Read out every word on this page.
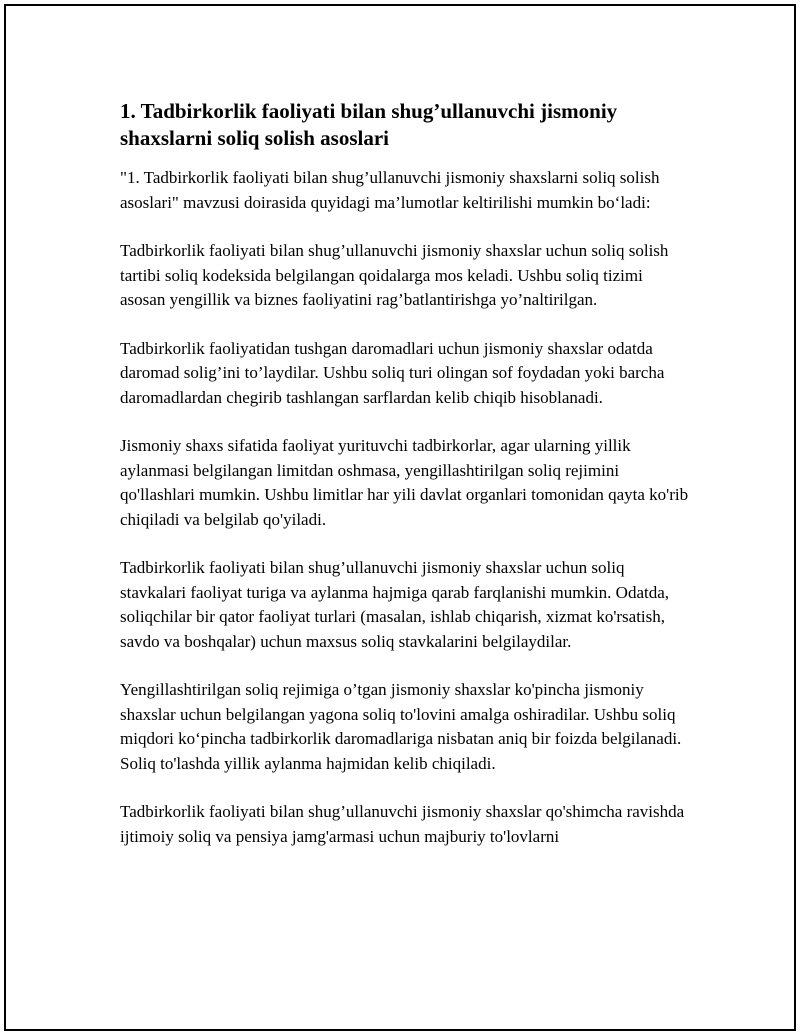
1. Tadbirkorlik faoliyati bilan shug’ullanuvchi jismoniy shaxslarni soliq solish asoslari

"1. Tadbirkorlik faoliyati bilan shug’ullanuvchi jismoniy shaxslarni soliq solish asoslari" mavzusi doirasida quyidagi ma’lumotlar keltirilishi mumkin bo‘ladi:

Tadbirkorlik faoliyati bilan shug’ullanuvchi jismoniy shaxslar uchun soliq solish tartibi soliq kodeksida belgilangan qoidalarga mos keladi. Ushbu soliq tizimi asosan yengillik va biznes faoliyatini rag’batlantirishga yo’naltirilgan.

Tadbirkorlik faoliyatidan tushgan daromadlari uchun jismoniy shaxslar odatda daromad solig’ini to’laydilar. Ushbu soliq turi olingan sof foydadan yoki barcha daromadlardan chegirib tashlangan sarflardan kelib chiqib hisoblanadi.

Jismoniy shaxs sifatida faoliyat yurituvchi tadbirkorlar, agar ularning yillik aylanmasi belgilangan limitdan oshmasa, yengillashtirilgan soliq rejimini qo'llashlari mumkin. Ushbu limitlar har yili davlat organlari tomonidan qayta ko'rib chiqiladi va belgilab qo'yiladi.

Tadbirkorlik faoliyati bilan shug’ullanuvchi jismoniy shaxslar uchun soliq stavkalari faoliyat turiga va aylanma hajmiga qarab farqlanishi mumkin. Odatda, soliqchilar bir qator faoliyat turlari (masalan, ishlab chiqarish, xizmat ko'rsatish, savdo va boshqalar) uchun maxsus soliq stavkalarini belgilaydilar.

Yengillashtirilgan soliq rejimiga o’tgan jismoniy shaxslar ko'pincha jismoniy shaxslar uchun belgilangan yagona soliq to'lovini amalga oshiradilar. Ushbu soliq miqdori ko‘pincha tadbirkorlik daromadlariga nisbatan aniq bir foizda belgilanadi. Soliq to'lashda yillik aylanma hajmidan kelib chiqiladi.

Tadbirkorlik faoliyati bilan shug’ullanuvchi jismoniy shaxslar qo'shimcha ravishda ijtimoiy soliq va pensiya jamg'armasi uchun majburiy to'lovlarni
